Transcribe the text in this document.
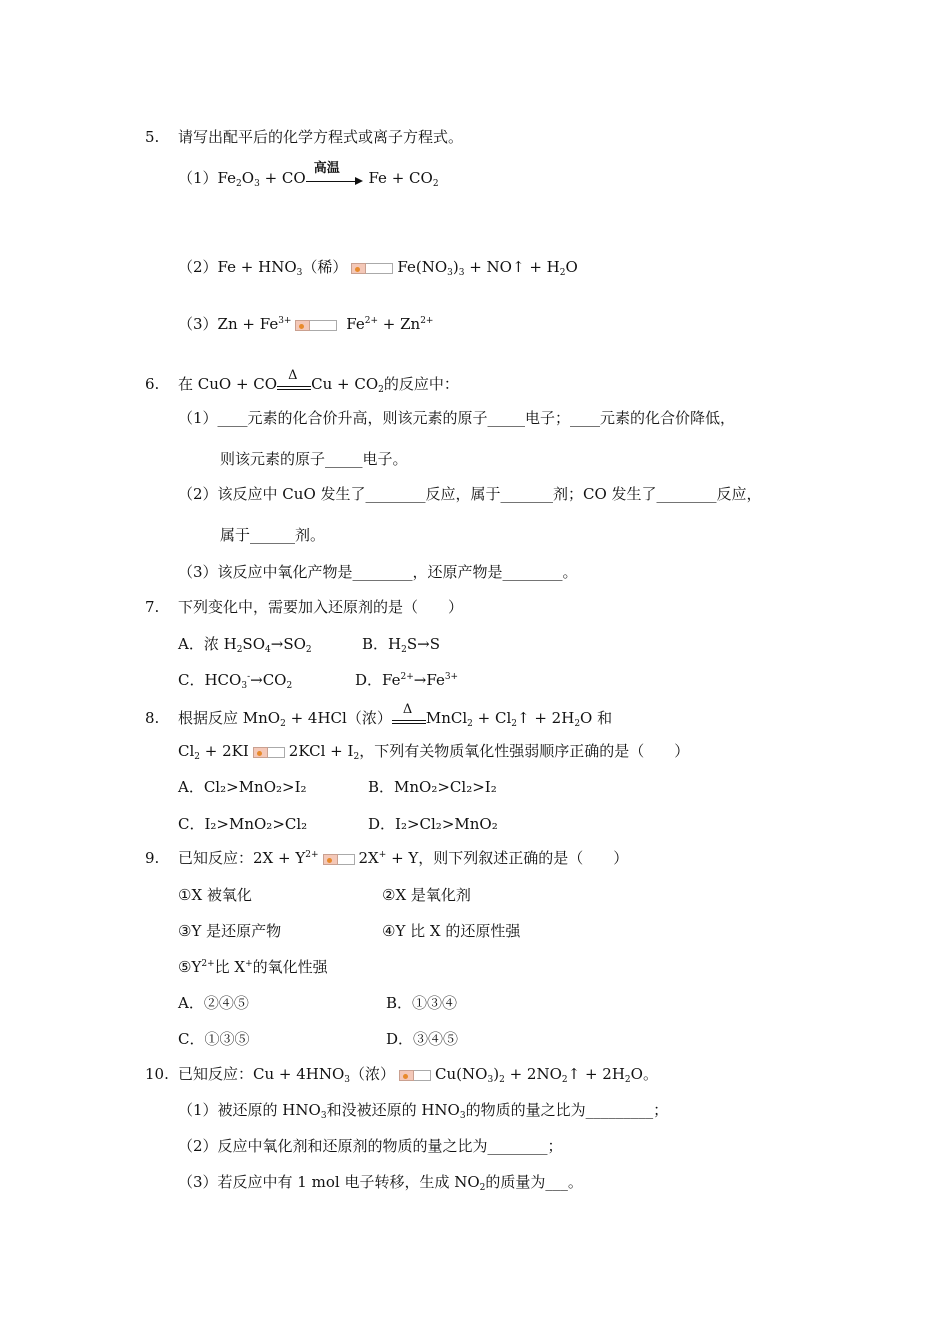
5. 请写出配平后的化学方程式或离子方程式。
$(1)Fe_2O_3$ + CO
高温
$Fe + CO_2$
$(2)Fe + HNO_3$（稀）	$Fe(NO_3)_3$ + NO↑ + $H_2O$
$(3)Zn + Fe^{3+}$	$Fe^{2+} + Zn^{2+}$
6. 在 CuO + CO Δ $Cu + CO_2$的反应中：
（1）____元素的化合价升高，则该元素的原子_____电子；____元素的化合价降低，
则该元素的原子_____电子。
（2）该反应中 CuO 发生了________反应，属于_______剂；CO 发生了________反应，
属于______剂。
（3）该反应中氧化产物是________，还原产物是________。
7. 下列变化中，需要加入还原剂的是（　　）
A．浓 $H_2SO_4\to SO_2$	B．$H_2S\to S$
C．$HCO_3^-\to CO_2$	D．$Fe^{2+}\to Fe^{3+}$
8. 根据反应 MnO$_2$ + 4HCl（浓） Δ MnCl$_2$ + $Cl_2↑ + 2H_2O$ 和
$Cl_2 + 2KI$	$2KCl + I_2$，下列有关物质氧化性强弱顺序正确的是（　　）
A．Cl₂>MnO₂>I₂	B．MnO₂>Cl₂>I₂
C．I₂>MnO₂>Cl₂	D．I₂>Cl₂>MnO₂
9. 已知反应：$2X + Y^{2+}$	2X+ + Y，则下列叙述正确的是（　　）
①X 被氧化	②X 是氧化剂
③Y 是还原产物	④Y 比 X 的还原性强
$⑤Y^{2+}$比 X+的氧化性强
A．②④⑤	B．①③④
C．①③⑤	D．③④⑤
10. 已知反应：$Cu + 4HNO_3$（浓）	$Cu(NO_3)_2$ + $2NO_2↑ + 2H_2O$。
（1）被还原的 $HNO_3$和没被还原的 $HNO_3$的物质的量之比为_________；
（2）反应中氧化剂和还原剂的物质的量之比为________；
（3）若反应中有 1 mol 电子转移，生成 $NO_2$的质量为___。
